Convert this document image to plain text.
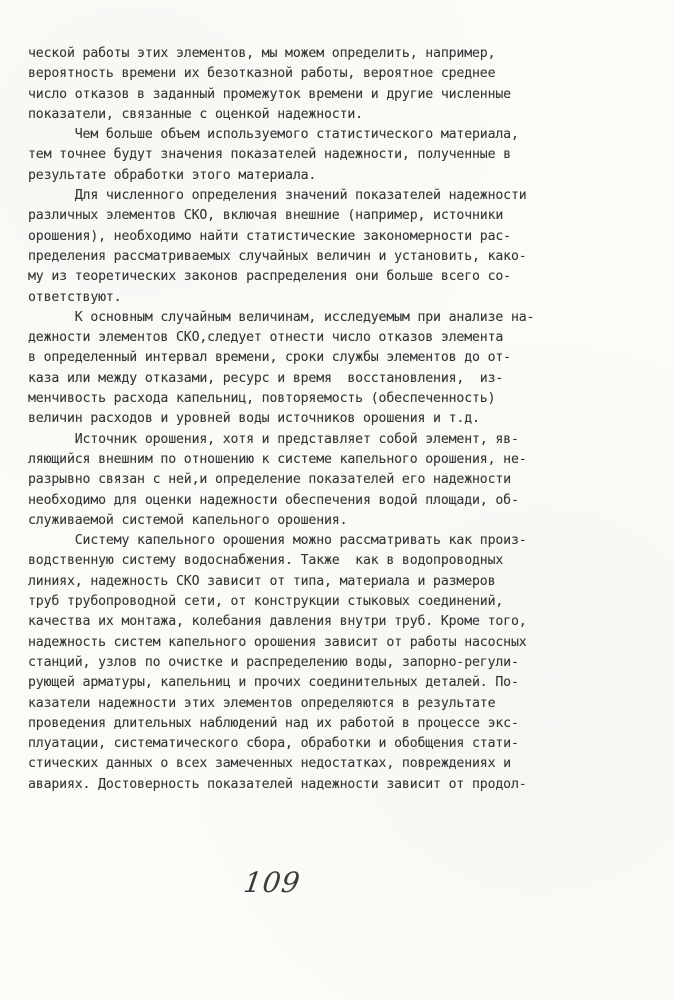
ческой работы этих элементов, мы можем определить, например,
вероятность времени их безотказной работы, вероятное среднее
число отказов в заданный промежуток времени и другие численные
показатели, связанные с оценкой надежности.
Чем больше объем используемого статистического материала,
тем точнее будут значения показателей надежности, полученные в
результате обработки этого материала.
Для численного определения значений показателей надежности
различных элементов СКО, включая внешние (например, источники
орошения), необходимо найти статистические закономерности рас-
пределения рассматриваемых случайных величин и установить, како-
му из теоретических законов распределения они больше всего со-
ответствуют.
К основным случайным величинам, исследуемым при анализе на-
дежности элементов СКО,следует отнести число отказов элемента
в определенный интервал времени, сроки службы элементов до от-
каза или между отказами, ресурс и время  восстановления,  из-
менчивость расхода капельниц, повторяемость (обеспеченность)
величин расходов и уровней воды источников орошения и т.д.
Источник орошения, хотя и представляет собой элемент, яв-
ляющийся внешним по отношению к системе капельного орошения, не-
разрывно связан с ней,и определение показателей его надежности
необходимо для оценки надежности обеспечения водой площади, об-
служиваемой системой капельного орошения.
Систему капельного орошения можно рассматривать как произ-
водственную систему водоснабжения. Также  как в водопроводных
линиях, надежность СКО зависит от типа, материала и размеров
труб трубопроводной сети, от конструкции стыковых соединений,
качества их монтажа, колебания давления внутри труб. Кроме того,
надежность систем капельного орошения зависит от работы насосных
станций, узлов по очистке и распределению воды, запорно-регули-
рующей арматуры, капельниц и прочих соединительных деталей. По-
казатели надежности этих элементов определяются в результате
проведения длительных наблюдений над их работой в процессе экс-
плуатации, систематического сбора, обработки и обобщения стати-
стических данных о всех замеченных недостатках, повреждениях и
авариях. Достоверность показателей надежности зависит от продол-
109
